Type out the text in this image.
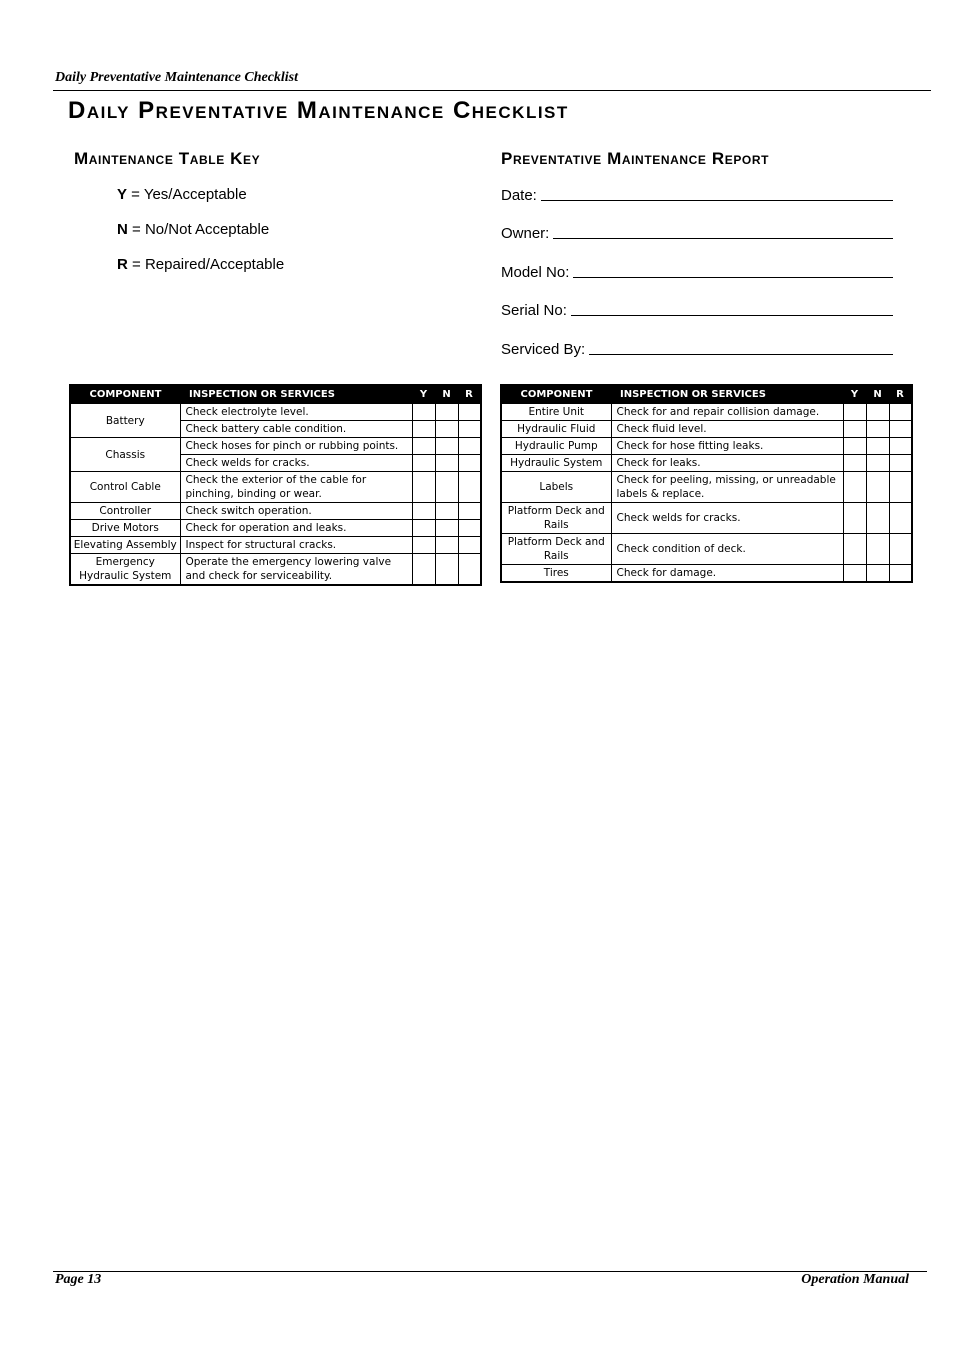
Daily Preventative Maintenance Checklist
Daily Preventative Maintenance Checklist
Maintenance Table Key
Y = Yes/Acceptable
N = No/Not Acceptable
R = Repaired/Acceptable
Preventative Maintenance Report
Date:
Owner:
Model No:
Serial No:
Serviced By:
COMPONENT	INSPECTION OR SERVICES	Y	N	R
Battery	Check electrolyte level.			
	Check battery cable condition.			
Chassis	Check hoses for pinch or rubbing points.			
	Check welds for cracks.			
Control Cable	Check the exterior of the cable for pinching, binding or wear.			
Controller	Check switch operation.			
Drive Motors	Check for operation and leaks.			
Elevating Assembly	Inspect for structural cracks.			
Emergency Hydraulic System	Operate the emergency lowering valve and check for serviceability.			
COMPONENT	INSPECTION OR SERVICES	Y	N	R
Entire Unit	Check for and repair collision damage.			
Hydraulic Fluid	Check fluid level.			
Hydraulic Pump	Check for hose fitting leaks.			
Hydraulic System	Check for leaks.			
Labels	Check for peeling, missing, or unreadable labels & replace.			
Platform Deck and Rails	Check welds for cracks.			
Platform Deck and Rails	Check condition of deck.			
Tires	Check for damage.			
Page 13	Operation Manual
